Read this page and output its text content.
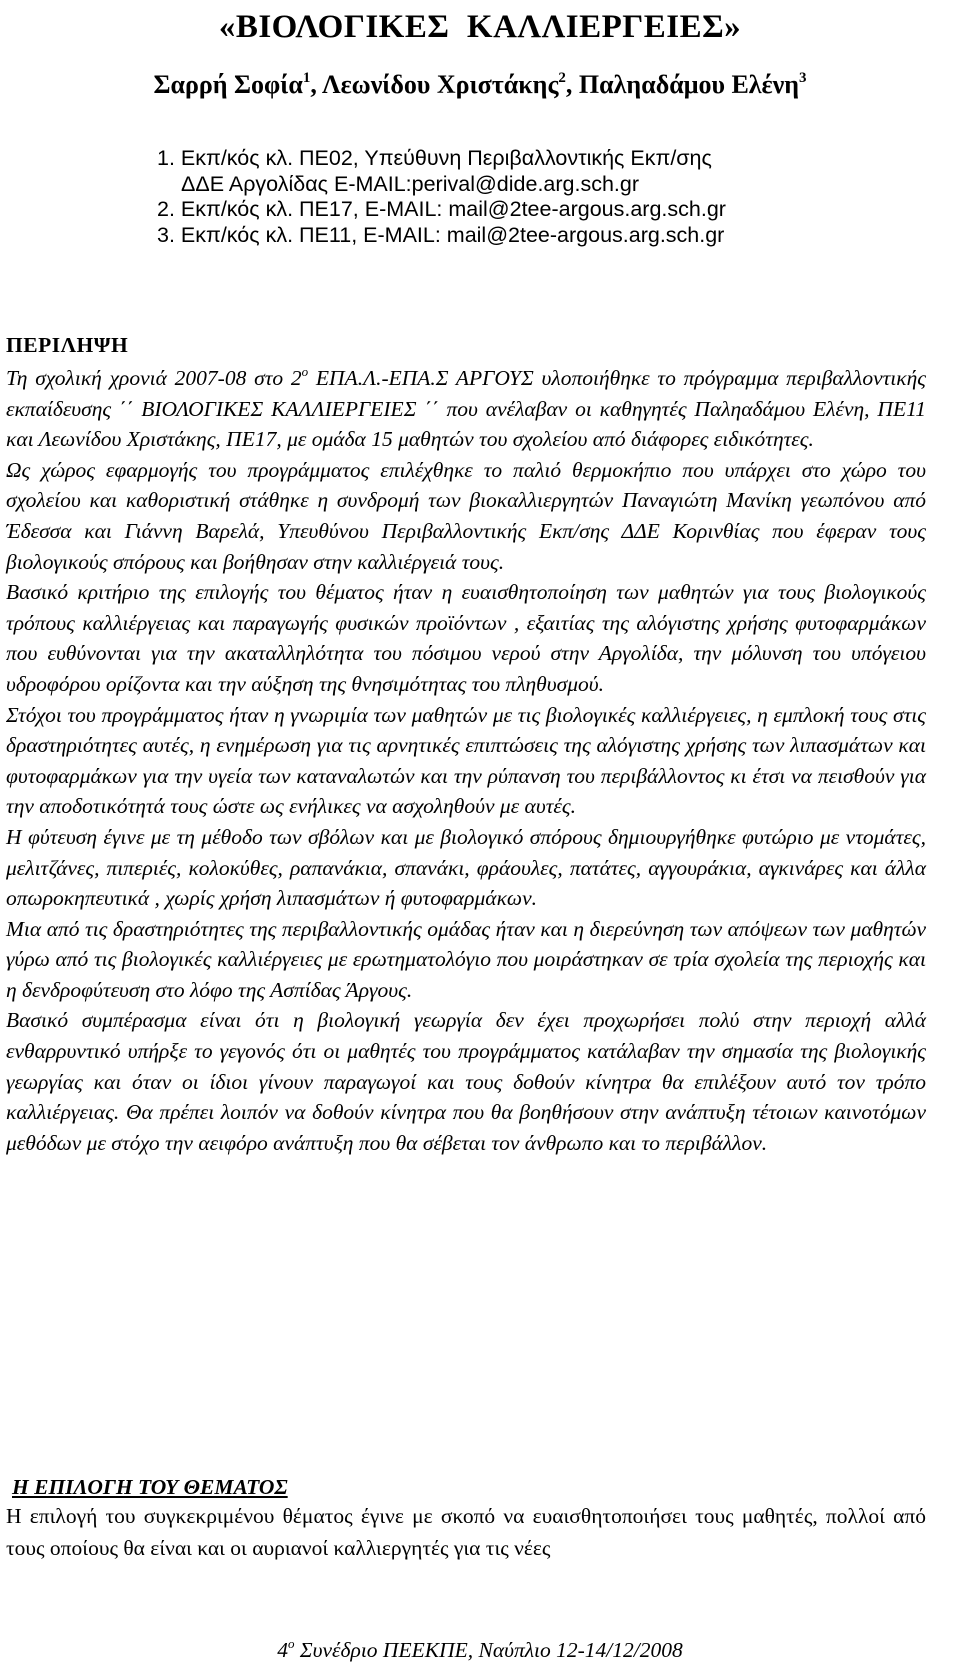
«ΒΙΟΛΟΓΙΚΕΣ  ΚΑΛΛΙΕΡΓΕΙΕΣ»

Σαρρή Σοφία$^1$, Λεωνίδου Χριστάκης$^2$, Παληαδάμου Ελένη$^3$

1. Εκπ/κός κλ. ΠΕ02, Υπεύθυνη Περιβαλλοντικής Εκπ/σης
ΔΔΕ Αργολίδας E-MAIL:perival@dide.arg.sch.gr
2. Εκπ/κός κλ. ΠΕ17, E-MAIL: mail@2tee-argous.arg.sch.gr
3. Εκπ/κός κλ. ΠΕ11, E-MAIL: mail@2tee-argous.arg.sch.gr
ΠΕΡΙΛΗΨΗ

Τη σχολική χρονιά 2007-08 στο $2^o$ ΕΠΑ.Λ.-ΕΠΑ.Σ ΑΡΓΟΥΣ υλοποιήθηκε το πρόγραμμα περιβαλλοντικής εκπαίδευσης ΄΄ ΒΙΟΛΟΓΙΚΕΣ ΚΑΛΛΙΕΡΓΕΙΕΣ ΄΄ που ανέλαβαν οι καθηγητές Παληαδάμου Ελένη, ΠΕ11 και Λεωνίδου Χριστάκης, ΠΕ17, με ομάδα 15 μαθητών του σχολείου από διάφορες ειδικότητες.

Ως χώρος εφαρμογής του προγράμματος επιλέχθηκε το παλιό θερμοκήπιο που υπάρχει στο χώρο του σχολείου και καθοριστική στάθηκε η συνδρομή των βιοκαλλιεργητών Παναγιώτη Μανίκη γεωπόνου από Έδεσσα και Γιάννη Βαρελά, Υπευθύνου Περιβαλλοντικής Εκπ/σης ΔΔΕ Κορινθίας που έφεραν τους βιολογικούς σπόρους και βοήθησαν στην καλλιέργειά τους.

Βασικό κριτήριο της επιλογής του θέματος ήταν η ευαισθητοποίηση των μαθητών για τους βιολογικούς τρόπους καλλιέργειας και παραγωγής φυσικών προϊόντων , εξαιτίας της αλόγιστης χρήσης φυτοφαρμάκων που ευθύνονται για την ακαταλληλότητα του πόσιμου νερού στην Αργολίδα, την μόλυνση του υπόγειου υδροφόρου ορίζοντα και την αύξηση της θνησιμότητας του πληθυσμού.

Στόχοι του προγράμματος ήταν η γνωριμία των μαθητών με τις βιολογικές καλλιέργειες, η εμπλοκή τους στις δραστηριότητες αυτές, η ενημέρωση για τις αρνητικές επιπτώσεις της αλόγιστης χρήσης των λιπασμάτων και φυτοφαρμάκων για την υγεία των καταναλωτών και την ρύπανση του περιβάλλοντος κι έτσι να πεισθούν για την αποδοτικότητά τους ώστε ως ενήλικες να ασχοληθούν με αυτές.

Η φύτευση έγινε με τη μέθοδο των σβόλων και με βιολογικό σπόρους δημιουργήθηκε φυτώριο με ντομάτες, μελιτζάνες, πιπεριές, κολοκύθες, ραπανάκια, σπανάκι, φράουλες, πατάτες, αγγουράκια, αγκινάρες και άλλα οπωροκηπευτικά , χωρίς χρήση λιπασμάτων ή φυτοφαρμάκων.

Μια από τις δραστηριότητες της περιβαλλοντικής ομάδας ήταν και η διερεύνηση των απόψεων των μαθητών γύρω από τις βιολογικές καλλιέργειες με ερωτηματολόγιο που μοιράστηκαν σε τρία σχολεία της περιοχής και η δενδροφύτευση στο λόφο της Ασπίδας Άργους.

Βασικό συμπέρασμα είναι ότι η βιολογική γεωργία δεν έχει προχωρήσει πολύ στην περιοχή αλλά ενθαρρυντικό υπήρξε το γεγονός ότι οι μαθητές του προγράμματος κατάλαβαν την σημασία της βιολογικής γεωργίας και όταν οι ίδιοι γίνουν παραγωγοί και τους δοθούν κίνητρα θα επιλέξουν αυτό τον τρόπο καλλιέργειας. Θα πρέπει λοιπόν να δοθούν κίνητρα που θα βοηθήσουν στην ανάπτυξη τέτοιων καινοτόμων μεθόδων με στόχο την αειφόρο ανάπτυξη που θα σέβεται τον άνθρωπο και το περιβάλλον.

Η ΕΠΙΛΟΓΗ ΤΟΥ ΘΕΜΑΤΟΣ

Η επιλογή του συγκεκριμένου θέματος έγινε με σκοπό να ευαισθητοποιήσει τους μαθητές, πολλοί από τους οποίους θα είναι και οι αυριανοί καλλιεργητές για τις νέες

$4^o$ Συνέδριο ΠΕΕΚΠΕ, Ναύπλιο 12-14/12/2008
